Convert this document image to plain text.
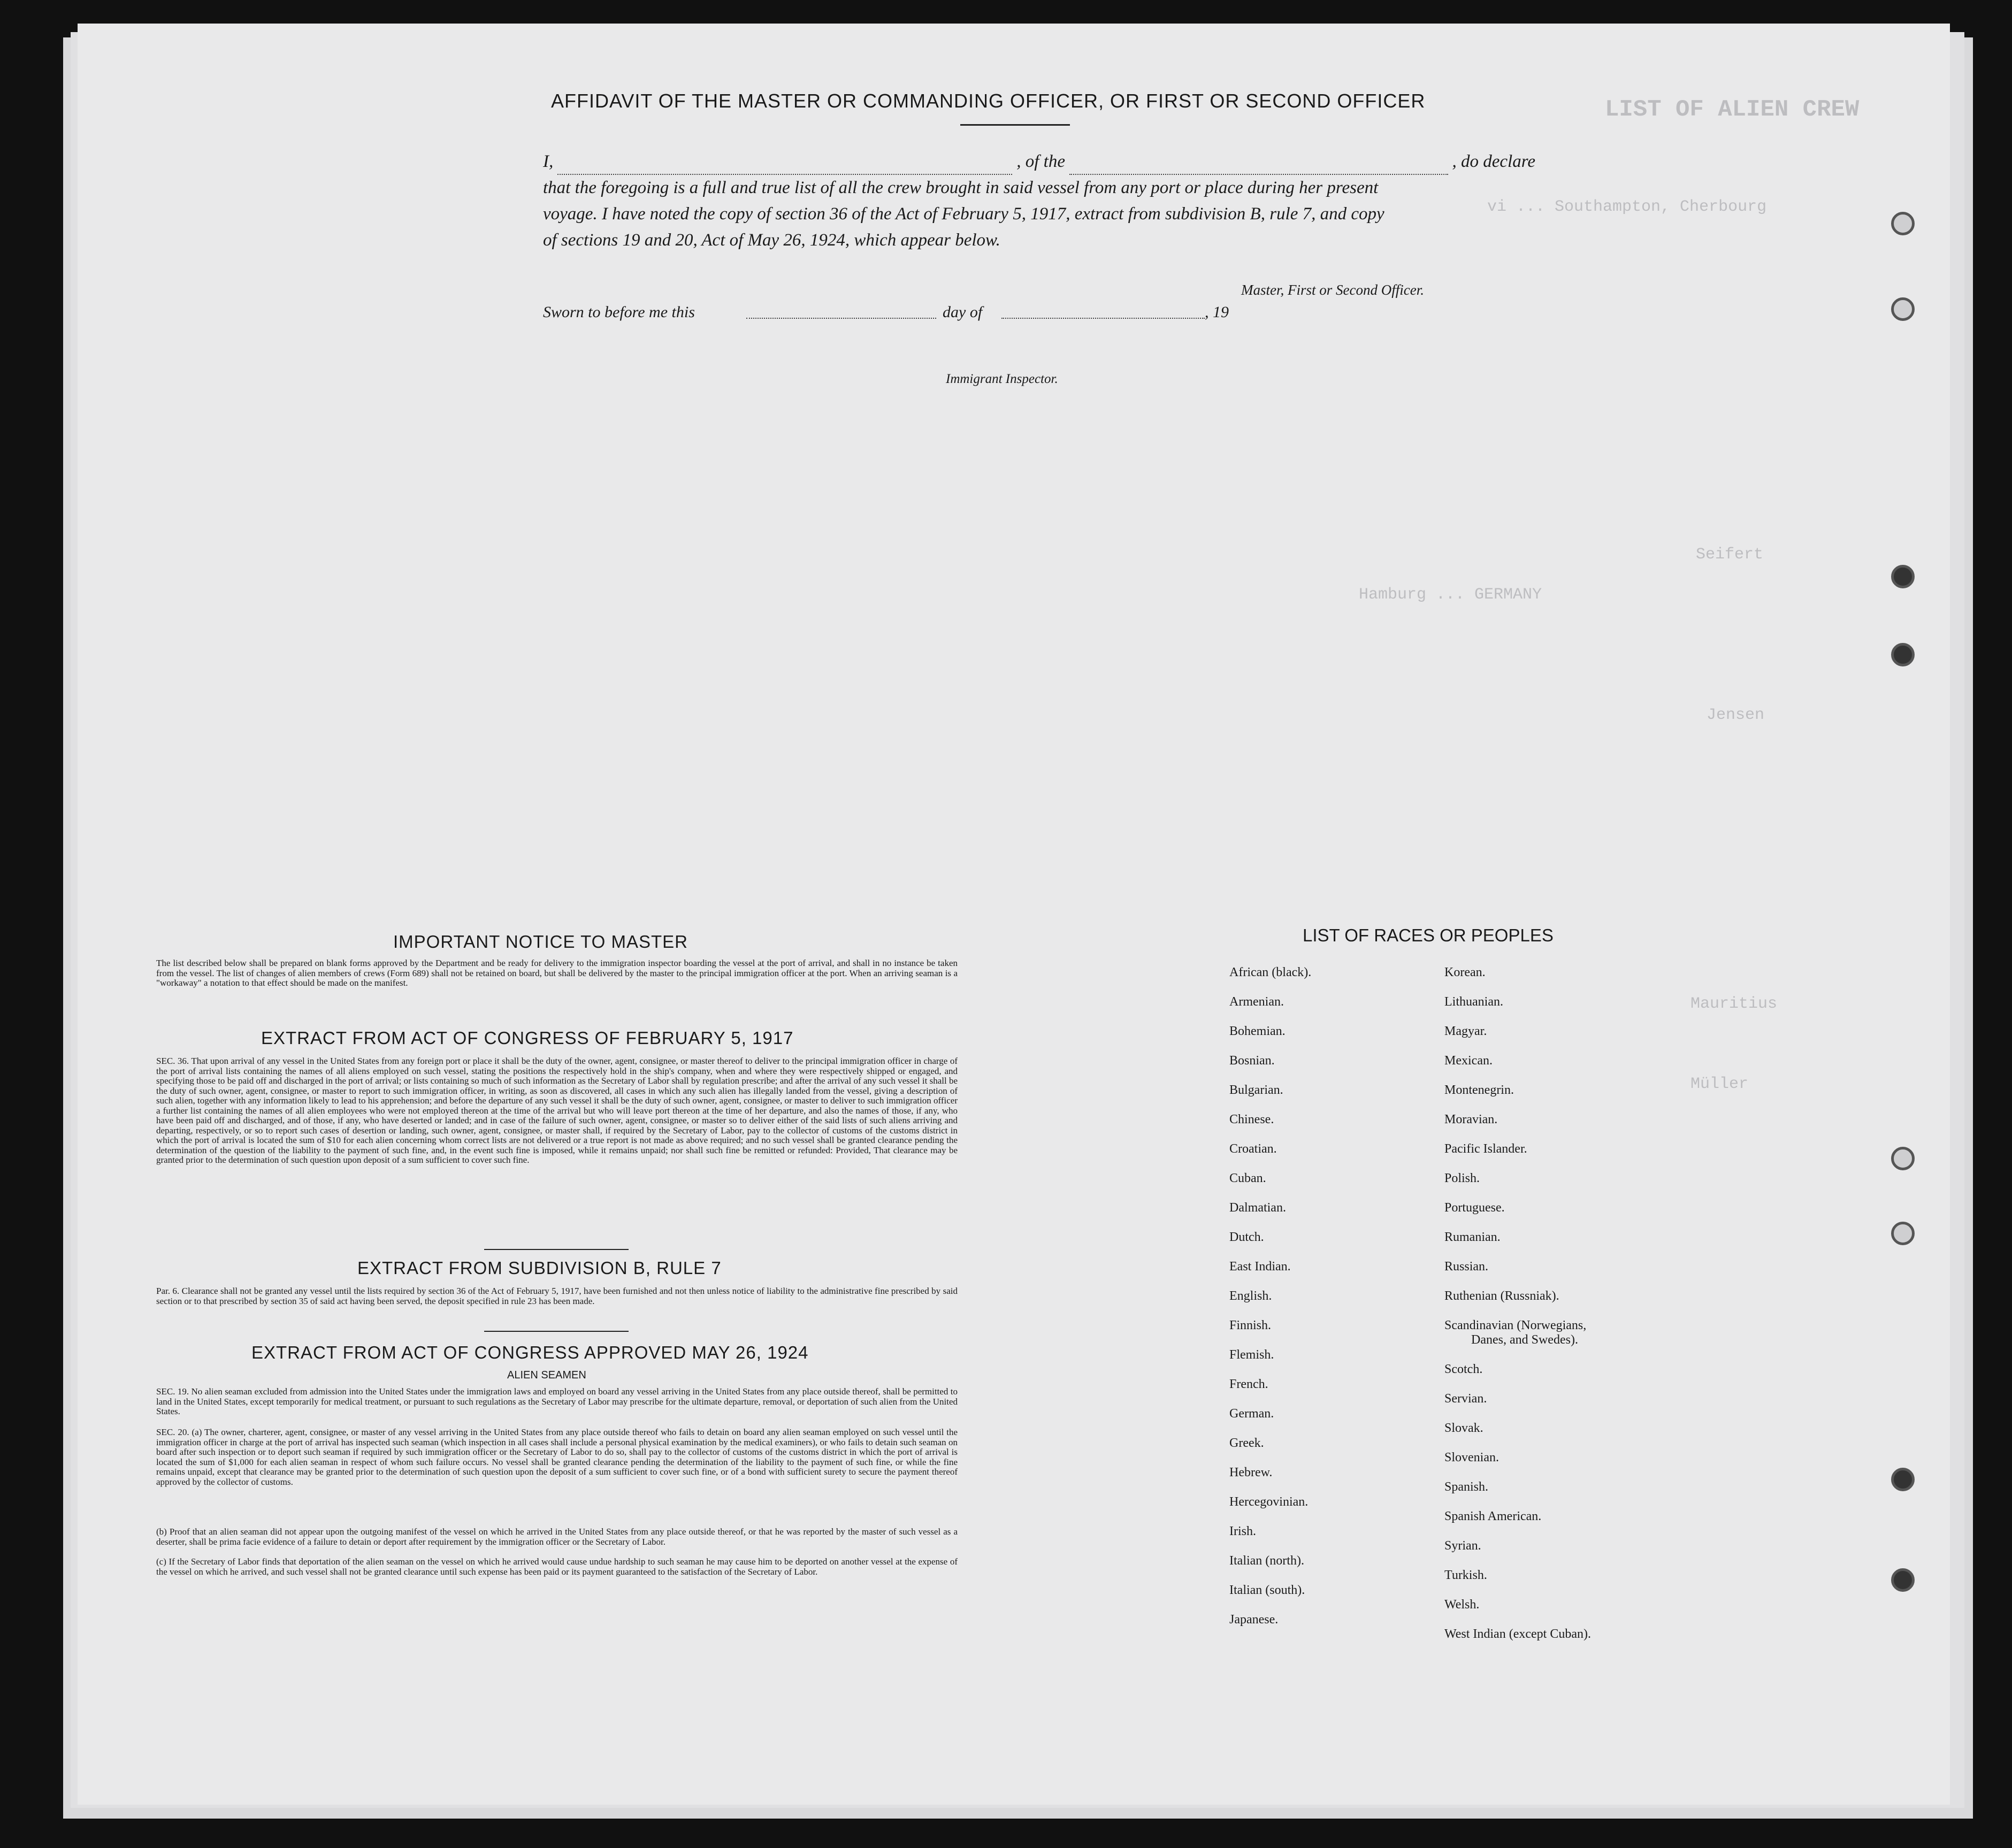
AFFIDAVIT OF THE MASTER OR COMMANDING OFFICER, OR FIRST OR SECOND OFFICER
I,	, of the	, do declare
that the foregoing is a full and true list of all the crew brought in said vessel from any port or place during her present
voyage. I have noted the copy of section 36 of the Act of February 5, 1917, extract from subdivision B, rule 7, and copy
of sections 19 and 20, Act of May 26, 1924, which appear below.
Master, First or Second Officer.
Sworn to before me this	day of	, 19
Immigrant Inspector.
LIST OF ALIEN CREW
vi ... Southampton, Cherbourg
Hamburg ... GERMANY
Seifert
Jensen
Mauritius
Müller
IMPORTANT NOTICE TO MASTER
The list described below shall be prepared on blank forms approved by the Department and be ready for delivery to the immigration inspector boarding the vessel at the port of arrival, and shall in no instance be taken from the vessel. The list of changes of alien members of crews (Form 689) shall not be retained on board, but shall be delivered by the master to the principal immigration officer at the port. When an arriving seaman is a "workaway" a notation to that effect should be made on the manifest.
EXTRACT FROM ACT OF CONGRESS OF FEBRUARY 5, 1917
SEC. 36. That upon arrival of any vessel in the United States from any foreign port or place it shall be the duty of the owner, agent, consignee, or master thereof to deliver to the principal immigration officer in charge of the port of arrival lists containing the names of all aliens employed on such vessel, stating the positions the respectively hold in the ship's company, when and where they were respectively shipped or engaged, and specifying those to be paid off and discharged in the port of arrival; or lists containing so much of such information as the Secretary of Labor shall by regulation prescribe; and after the arrival of any such vessel it shall be the duty of such owner, agent, consignee, or master to report to such immigration officer, in writing, as soon as discovered, all cases in which any such alien has illegally landed from the vessel, giving a description of such alien, together with any information likely to lead to his apprehension; and before the departure of any such vessel it shall be the duty of such owner, agent, consignee, or master to deliver to such immigration officer a further list containing the names of all alien employees who were not employed thereon at the time of the arrival but who will leave port thereon at the time of her departure, and also the names of those, if any, who have been paid off and discharged, and of those, if any, who have deserted or landed; and in case of the failure of such owner, agent, consignee, or master so to deliver either of the said lists of such aliens arriving and departing, respectively, or so to report such cases of desertion or landing, such owner, agent, consignee, or master shall, if required by the Secretary of Labor, pay to the collector of customs of the customs district in which the port of arrival is located the sum of $10 for each alien concerning whom correct lists are not delivered or a true report is not made as above required; and no such vessel shall be granted clearance pending the determination of the question of the liability to the payment of such fine, and, in the event such fine is imposed, while it remains unpaid; nor shall such fine be remitted or refunded: Provided, That clearance may be granted prior to the determination of such question upon deposit of a sum sufficient to cover such fine.
EXTRACT FROM SUBDIVISION B, RULE 7
Par. 6. Clearance shall not be granted any vessel until the lists required by section 36 of the Act of February 5, 1917, have been furnished and not then unless notice of liability to the administrative fine prescribed by said section or to that prescribed by section 35 of said act having been served, the deposit specified in rule 23 has been made.
EXTRACT FROM ACT OF CONGRESS APPROVED MAY 26, 1924
ALIEN SEAMEN
SEC. 19. No alien seaman excluded from admission into the United States under the immigration laws and employed on board any vessel arriving in the United States from any place outside thereof, shall be permitted to land in the United States, except temporarily for medical treatment, or pursuant to such regulations as the Secretary of Labor may prescribe for the ultimate departure, removal, or deportation of such alien from the United States.
SEC. 20. (a) The owner, charterer, agent, consignee, or master of any vessel arriving in the United States from any place outside thereof who fails to detain on board any alien seaman employed on such vessel until the immigration officer in charge at the port of arrival has inspected such seaman (which inspection in all cases shall include a personal physical examination by the medical examiners), or who fails to detain such seaman on board after such inspection or to deport such seaman if required by such immigration officer or the Secretary of Labor to do so, shall pay to the collector of customs of the customs district in which the port of arrival is located the sum of $1,000 for each alien seaman in respect of whom such failure occurs. No vessel shall be granted clearance pending the determination of the liability to the payment of such fine, or while the fine remains unpaid, except that clearance may be granted prior to the determination of such question upon the deposit of a sum sufficient to cover such fine, or of a bond with sufficient surety to secure the payment thereof approved by the collector of customs.
(b) Proof that an alien seaman did not appear upon the outgoing manifest of the vessel on which he arrived in the United States from any place outside thereof, or that he was reported by the master of such vessel as a deserter, shall be prima facie evidence of a failure to detain or deport after requirement by the immigration officer or the Secretary of Labor.
(c) If the Secretary of Labor finds that deportation of the alien seaman on the vessel on which he arrived would cause undue hardship to such seaman he may cause him to be deported on another vessel at the expense of the vessel on which he arrived, and such vessel shall not be granted clearance until such expense has been paid or its payment guaranteed to the satisfaction of the Secretary of Labor.
LIST OF RACES OR PEOPLES
African (black).
Armenian.
Bohemian.
Bosnian.
Bulgarian.
Chinese.
Croatian.
Cuban.
Dalmatian.
Dutch.
East Indian.
English.
Finnish.
Flemish.
French.
German.
Greek.
Hebrew.
Hercegovinian.
Irish.
Italian (north).
Italian (south).
Japanese.
Korean.
Lithuanian.
Magyar.
Mexican.
Montenegrin.
Moravian.
Pacific Islander.
Polish.
Portuguese.
Rumanian.
Russian.
Ruthenian (Russniak).
Scandinavian (Norwegians,
Danes, and Swedes).
Scotch.
Servian.
Slovak.
Slovenian.
Spanish.
Spanish American.
Syrian.
Turkish.
Welsh.
West Indian (except Cuban).
